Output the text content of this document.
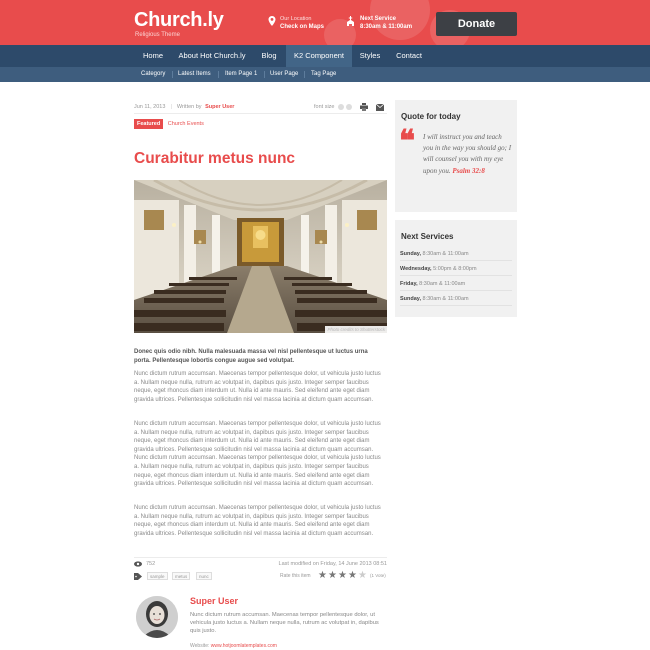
Church.ly
Religious Theme
Our Location
Check on Maps
Next Service
8:30am & 11:00am	Donate
Home	About Hot Church.ly	Blog	K2 Component	Styles	Contact
Category Latest Items Item Page 1 User Page Tag Page
Jun 11, 2013 | Written by Super User	font size
Featured Church Events
Curabitur metus nunc
Photo credits to Shutterstock
Donec quis odio nibh. Nulla malesuada massa vel nisl pellentesque ut luctus urna porta. Pellentesque lobortis congue augue sed volutpat.
Nunc dictum rutrum accumsan. Maecenas tempor pellentesque dolor, ut vehicula justo luctus a. Nullam neque nulla, rutrum ac volutpat in, dapibus quis justo. Integer semper faucibus neque, eget rhoncus diam interdum ut. Nulla id ante mauris. Sed eleifend ante eget diam gravida ultrices. Pellentesque sollicitudin nisl vel massa lacinia at dictum quam accumsan.
Nunc dictum rutrum accumsan. Maecenas tempor pellentesque dolor, ut vehicula justo luctus a. Nullam neque nulla, rutrum ac volutpat in, dapibus quis justo. Integer semper faucibus neque, eget rhoncus diam interdum ut. Nulla id ante mauris. Sed eleifend ante eget diam gravida ultrices. Pellentesque sollicitudin nisl vel massa lacinia at dictum quam accumsan. Nunc dictum rutrum accumsan. Maecenas tempor pellentesque dolor, ut vehicula justo luctus a. Nullam neque nulla, rutrum ac volutpat in, dapibus quis justo. Integer semper faucibus neque, eget rhoncus diam interdum ut. Nulla id ante mauris. Sed eleifend ante eget diam gravida ultrices. Pellentesque sollicitudin nisl vel massa lacinia at dictum quam accumsan.
Nunc dictum rutrum accumsan. Maecenas tempor pellentesque dolor, ut vehicula justo luctus a. Nullam neque nulla, rutrum ac volutpat in, dapibus quis justo. Integer semper faucibus neque, eget rhoncus diam interdum ut. Nulla id ante mauris. Sed eleifend ante eget diam gravida ultrices. Pellentesque sollicitudin nisl vel massa lacinia at dictum quam accumsan.
752	Last modified on Friday, 14 June 2013 08:51
sample	metus	nunc	Rate this item ★ ★ ★ ★ ★ (1 Vote)
Super User
Nunc dictum rutrum accumsan. Maecenas tempor pellentesque dolor, ut vehicula justo luctus a. Nullam neque nulla, rutrum ac volutpat in, dapibus quis justo.
Website: www.hotjoomlatemplates.com
Quote for today
❝ I will instruct you and teach you in the way you should go; I will counsel you with my eye upon you. Psalm 32:8
Next Services
Sunday, 8:30am & 11:00am
Wednesday, 5:00pm & 8:00pm
Friday, 8:30am & 11:00am
Sunday, 8:30am & 11:00am
